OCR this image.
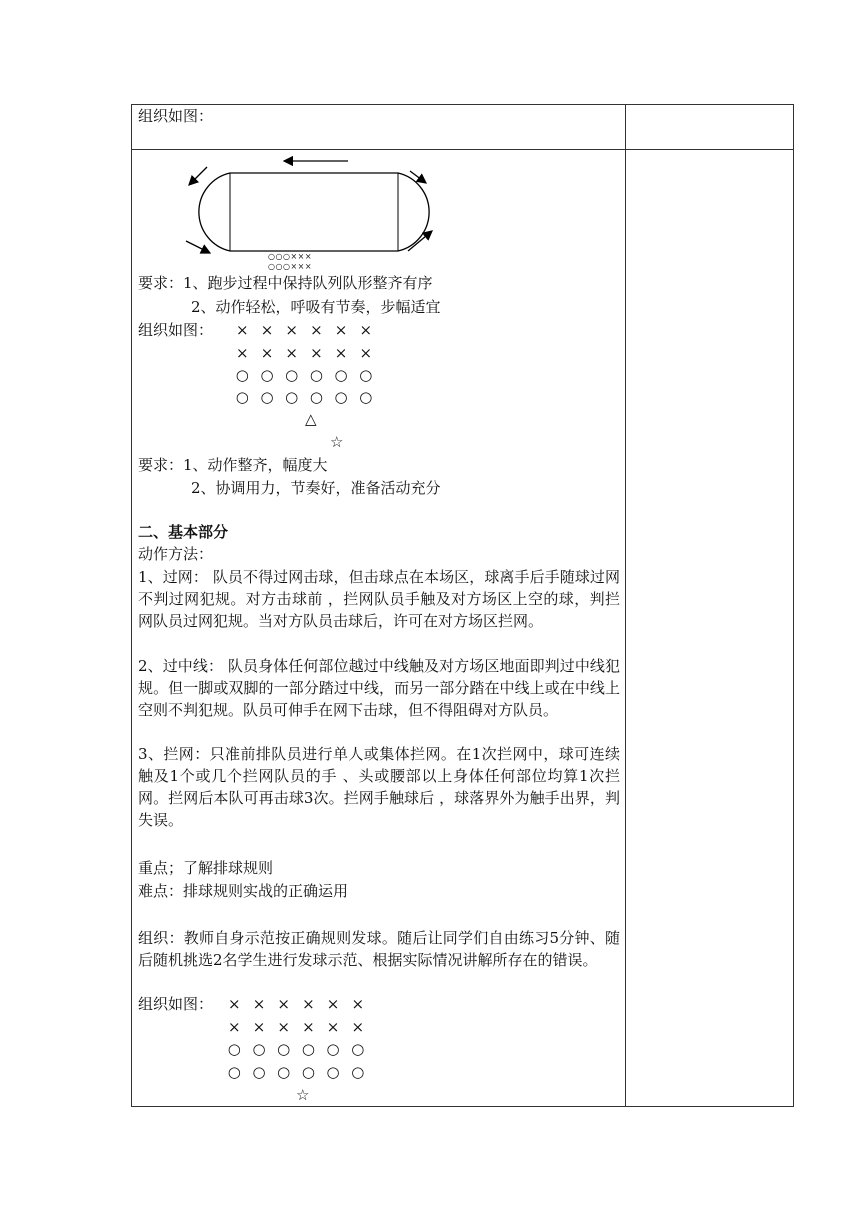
组织如图：
○○○×××
○○○×××
要求：1、跑步过程中保持队列队形整齐有序
2、动作轻松，呼吸有节奏，步幅适宜
组织如图：	× × × × × ×
× × × × × ×
○ ○ ○ ○ ○ ○
○ ○ ○ ○ ○ ○
△
☆
要求：1、动作整齐，幅度大
2、协调用力，节奏好，准备活动充分
二、基本部分
动作方法：

1、过网： 队员不得过网击球，但击球点在本场区，球离手后手随球过网不判过网犯规。对方击球前 ，拦网队员手触及对方场区上空的球，判拦网队员过网犯规。当对方队员击球后，许可在对方场区拦网。

2、过中线： 队员身体任何部位越过中线触及对方场区地面即判过中线犯规。但一脚或双脚的一部分踏过中线，而另一部分踏在中线上或在中线上空则不判犯规。队员可伸手在网下击球，但不得阻碍对方队员。

3、拦网：只准前排队员进行单人或集体拦网。在1次拦网中，球可连续触及1个或几个拦网队员的手 、头或腰部以上身体任何部位均算1次拦网。拦网后本队可再击球3次。拦网手触球后 ，球落界外为触手出界，判失误。

重点；了解排球规则
难点：排球规则实战的正确运用

组织：教师自身示范按正确规则发球。随后让同学们自由练习5分钟、随后随机挑选2名学生进行发球示范、根据实际情况讲解所存在的错误。

组织如图：	× × × × × ×
× × × × × ×
○ ○ ○ ○ ○ ○
○ ○ ○ ○ ○ ○
☆
